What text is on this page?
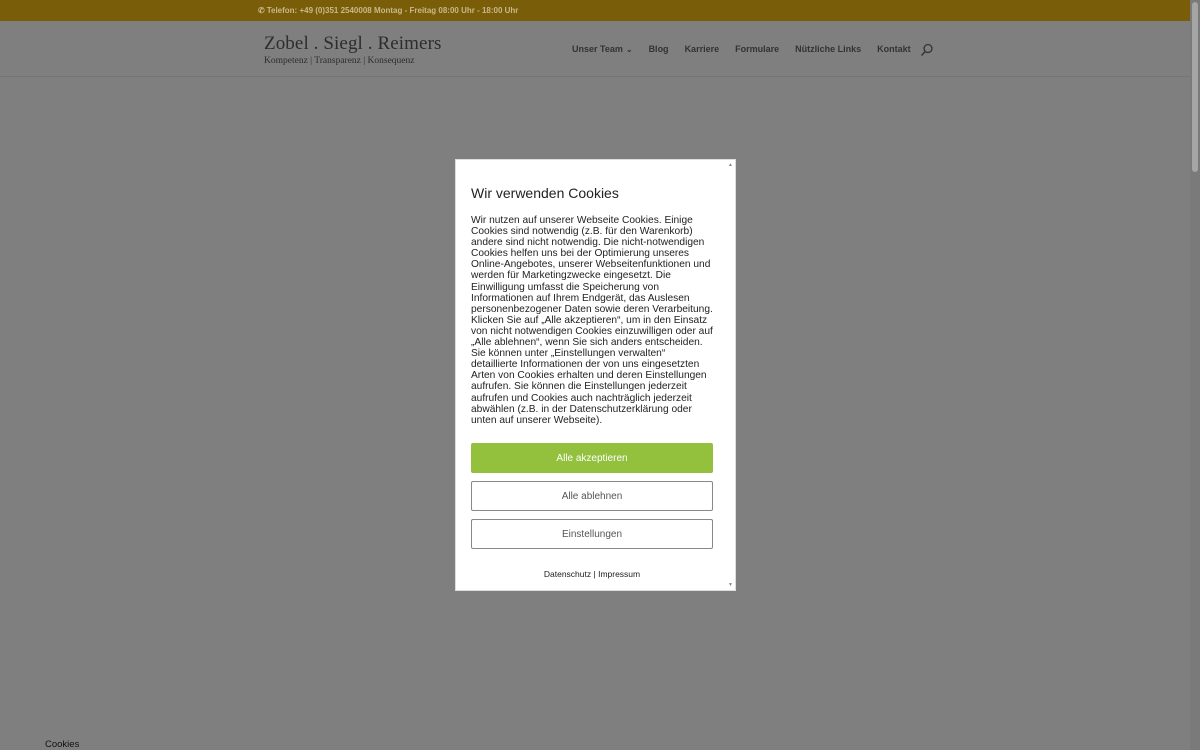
✆ Telefon: +49 (0)351 2540008 Montag - Freitag 08:00 Uhr - 18:00 Uhr
Zobel . Siegl . Reimers
Kompetenz | Transparenz | Konsequenz
Unser Team ⌄ Blog Karriere Formulare Nützliche Links Kontakt
▲
▼
Wir verwenden Cookies
Wir nutzen auf unserer Webseite Cookies. Einige Cookies sind notwendig (z.B. für den Warenkorb) andere sind nicht notwendig. Die nicht-notwendigen Cookies helfen uns bei der Optimierung unseres Online-Angebotes, unserer Webseitenfunktionen und werden für Marketingzwecke eingesetzt. Die Einwilligung umfasst die Speicherung von Informationen auf Ihrem Endgerät, das Auslesen personenbezogener Daten sowie deren Verarbeitung. Klicken Sie auf „Alle akzeptieren“, um in den Einsatz von nicht notwendigen Cookies einzuwilligen oder auf „Alle ablehnen“, wenn Sie sich anders entscheiden. Sie können unter „Einstellungen verwalten“ detaillierte Informationen der von uns eingesetzten Arten von Cookies erhalten und deren Einstellungen aufrufen. Sie können die Einstellungen jederzeit aufrufen und Cookies auch nachträglich jederzeit abwählen (z.B. in der Datenschutzerklärung oder unten auf unserer Webseite).
Alle akzeptieren
Alle ablehnen
Einstellungen
Datenschutz | Impressum
Cookies
